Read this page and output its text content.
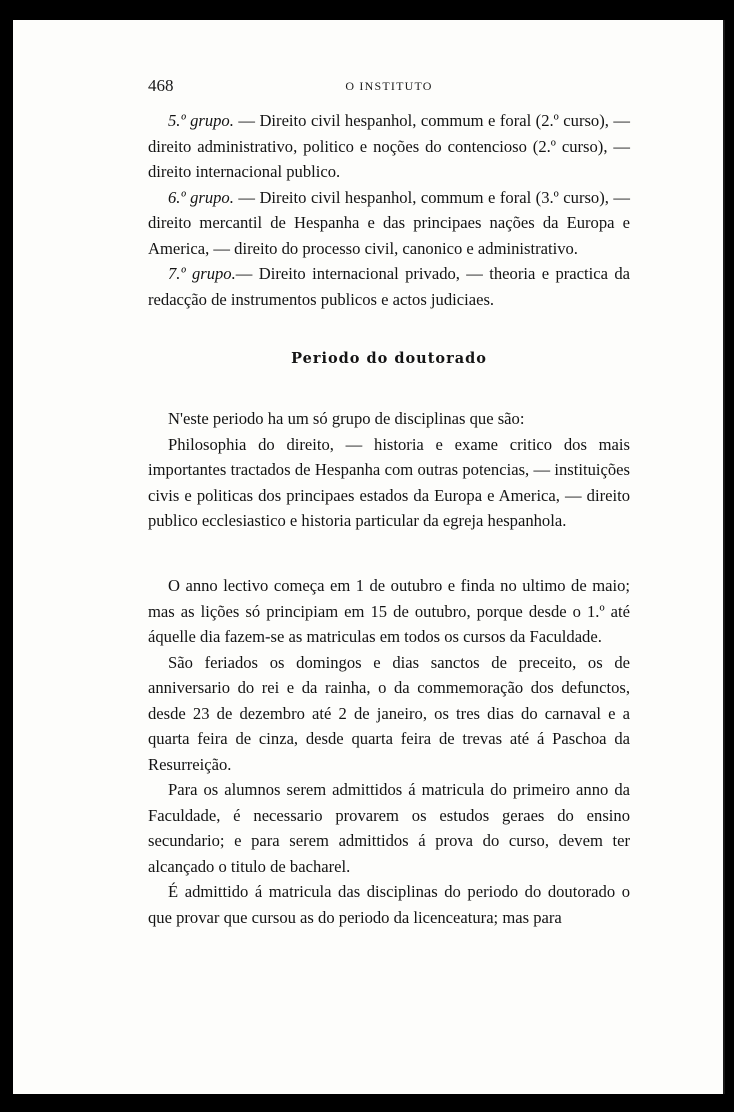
468	O INSTITUTO

5.º grupo. — Direito civil hespanhol, commum e foral (2.º curso), — direito administrativo, politico e noções do contencioso (2.º curso), — direito internacional publico.

6.º grupo. — Direito civil hespanhol, commum e foral (3.º curso), — direito mercantil de Hespanha e das principaes nações da Europa e America, — direito do processo civil, canonico e administrativo.

7.º grupo.— Direito internacional privado, — theoria e practica da redacção de instrumentos publicos e actos judiciaes.

Periodo do doutorado

N'este periodo ha um só grupo de disciplinas que são:

Philosophia do direito, — historia e exame critico dos mais importantes tractados de Hespanha com outras potencias, — instituições civis e politicas dos principaes estados da Europa e America, — direito publico ecclesiastico e historia particular da egreja hespanhola.

O anno lectivo começa em 1 de outubro e finda no ultimo de maio; mas as lições só principiam em 15 de outubro, porque desde o 1.º até áquelle dia fazem-se as matriculas em todos os cursos da Faculdade.

São feriados os domingos e dias sanctos de preceito, os de anniversario do rei e da rainha, o da commemoração dos defunctos, desde 23 de dezembro até 2 de janeiro, os tres dias do carnaval e a quarta feira de cinza, desde quarta feira de trevas até á Paschoa da Resurreição.

Para os alumnos serem admittidos á matricula do primeiro anno da Faculdade, é necessario provarem os estudos geraes do ensino secundario; e para serem admittidos á prova do curso, devem ter alcançado o titulo de bacharel.

É admittido á matricula das disciplinas do periodo do doutorado o que provar que cursou as do periodo da licenceatura; mas para
